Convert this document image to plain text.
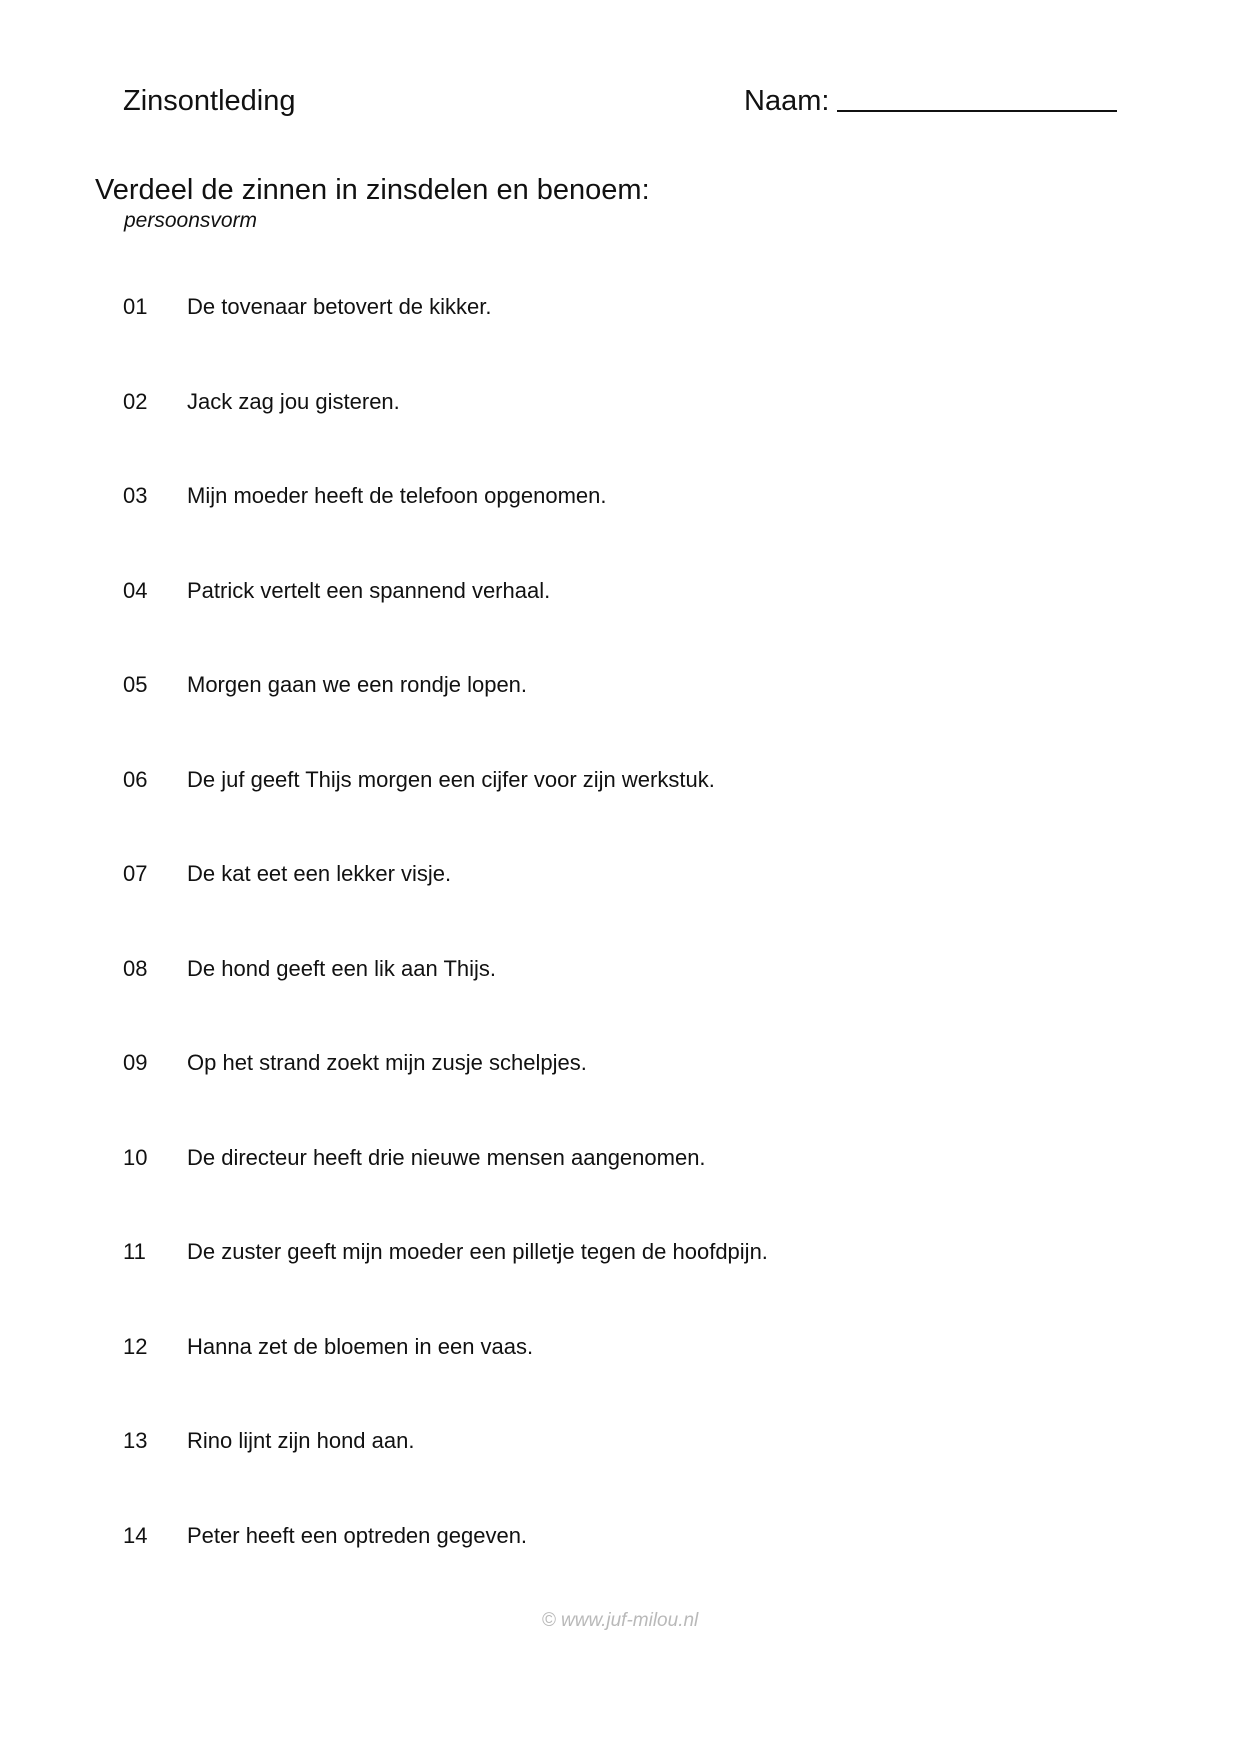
Zinsontleding	Naam:
Verdeel de zinnen in zinsdelen en benoem:
persoonsvorm
01	De tovenaar betovert de kikker.
02	Jack zag jou gisteren.
03	Mijn moeder heeft de telefoon opgenomen.
04	Patrick vertelt een spannend verhaal.
05	Morgen gaan we een rondje lopen.
06	De juf geeft Thijs morgen een cijfer voor zijn werkstuk.
07	De kat eet een lekker visje.
08	De hond geeft een lik aan Thijs.
09	Op het strand zoekt mijn zusje schelpjes.
10	De directeur heeft drie nieuwe mensen aangenomen.
11	De zuster geeft mijn moeder een pilletje tegen de hoofdpijn.
12	Hanna zet de bloemen in een vaas.
13	Rino lijnt zijn hond aan.
14	Peter heeft een optreden gegeven.
© www.juf-milou.nl
